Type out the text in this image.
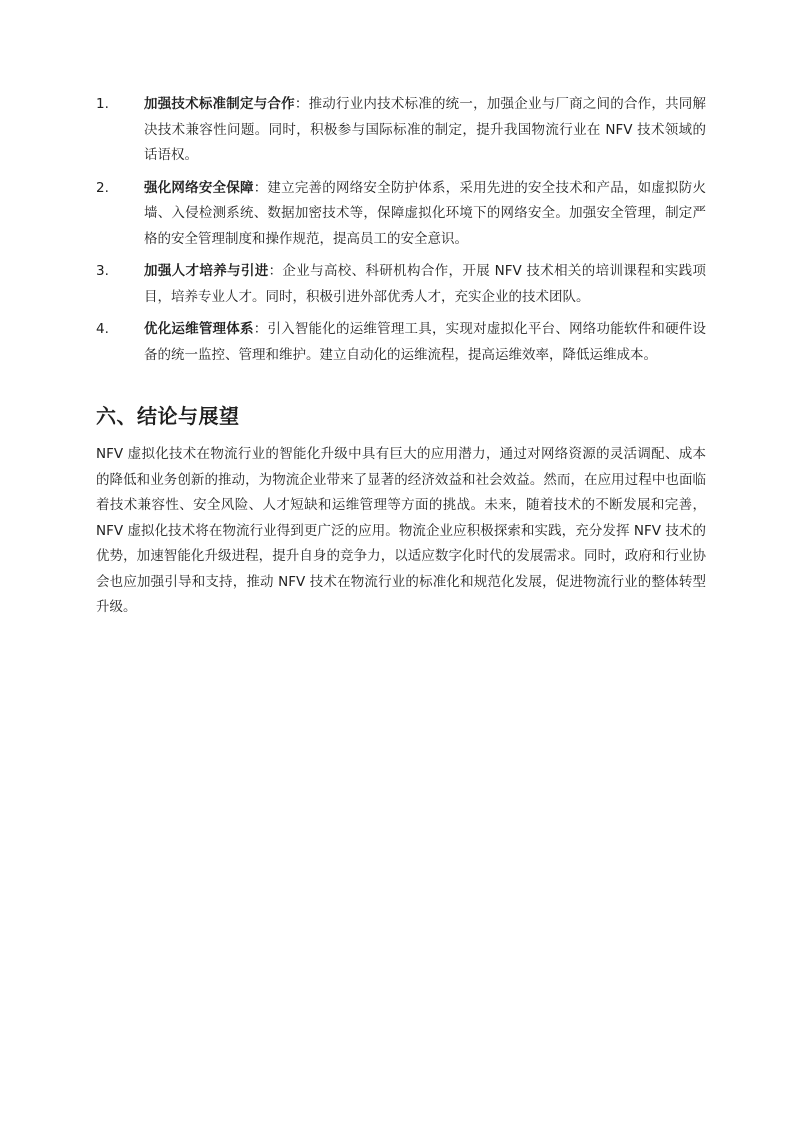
1.	加强技术标准制定与合作：推动行业内技术标准的统一，加强企业与厂商之间的合作，共同解决技术兼容性问题。同时，积极参与国际标准的制定，提升我国物流行业在 NFV 技术领域的话语权。
2.	强化网络安全保障：建立完善的网络安全防护体系，采用先进的安全技术和产品，如虚拟防火墙、入侵检测系统、数据加密技术等，保障虚拟化环境下的网络安全。加强安全管理，制定严格的安全管理制度和操作规范，提高员工的安全意识。
3.	加强人才培养与引进：企业与高校、科研机构合作，开展 NFV 技术相关的培训课程和实践项目，培养专业人才。同时，积极引进外部优秀人才，充实企业的技术团队。
4.	优化运维管理体系：引入智能化的运维管理工具，实现对虚拟化平台、网络功能软件和硬件设备的统一监控、管理和维护。建立自动化的运维流程，提高运维效率，降低运维成本。
六、结论与展望

NFV 虚拟化技术在物流行业的智能化升级中具有巨大的应用潜力，通过对网络资源的灵活调配、成本的降低和业务创新的推动，为物流企业带来了显著的经济效益和社会效益。然而，在应用过程中也面临着技术兼容性、安全风险、人才短缺和运维管理等方面的挑战。未来，随着技术的不断发展和完善，NFV 虚拟化技术将在物流行业得到更广泛的应用。物流企业应积极探索和实践，充分发挥 NFV 技术的优势，加速智能化升级进程，提升自身的竞争力，以适应数字化时代的发展需求。同时，政府和行业协会也应加强引导和支持，推动 NFV 技术在物流行业的标准化和规范化发展，促进物流行业的整体转型升级。
